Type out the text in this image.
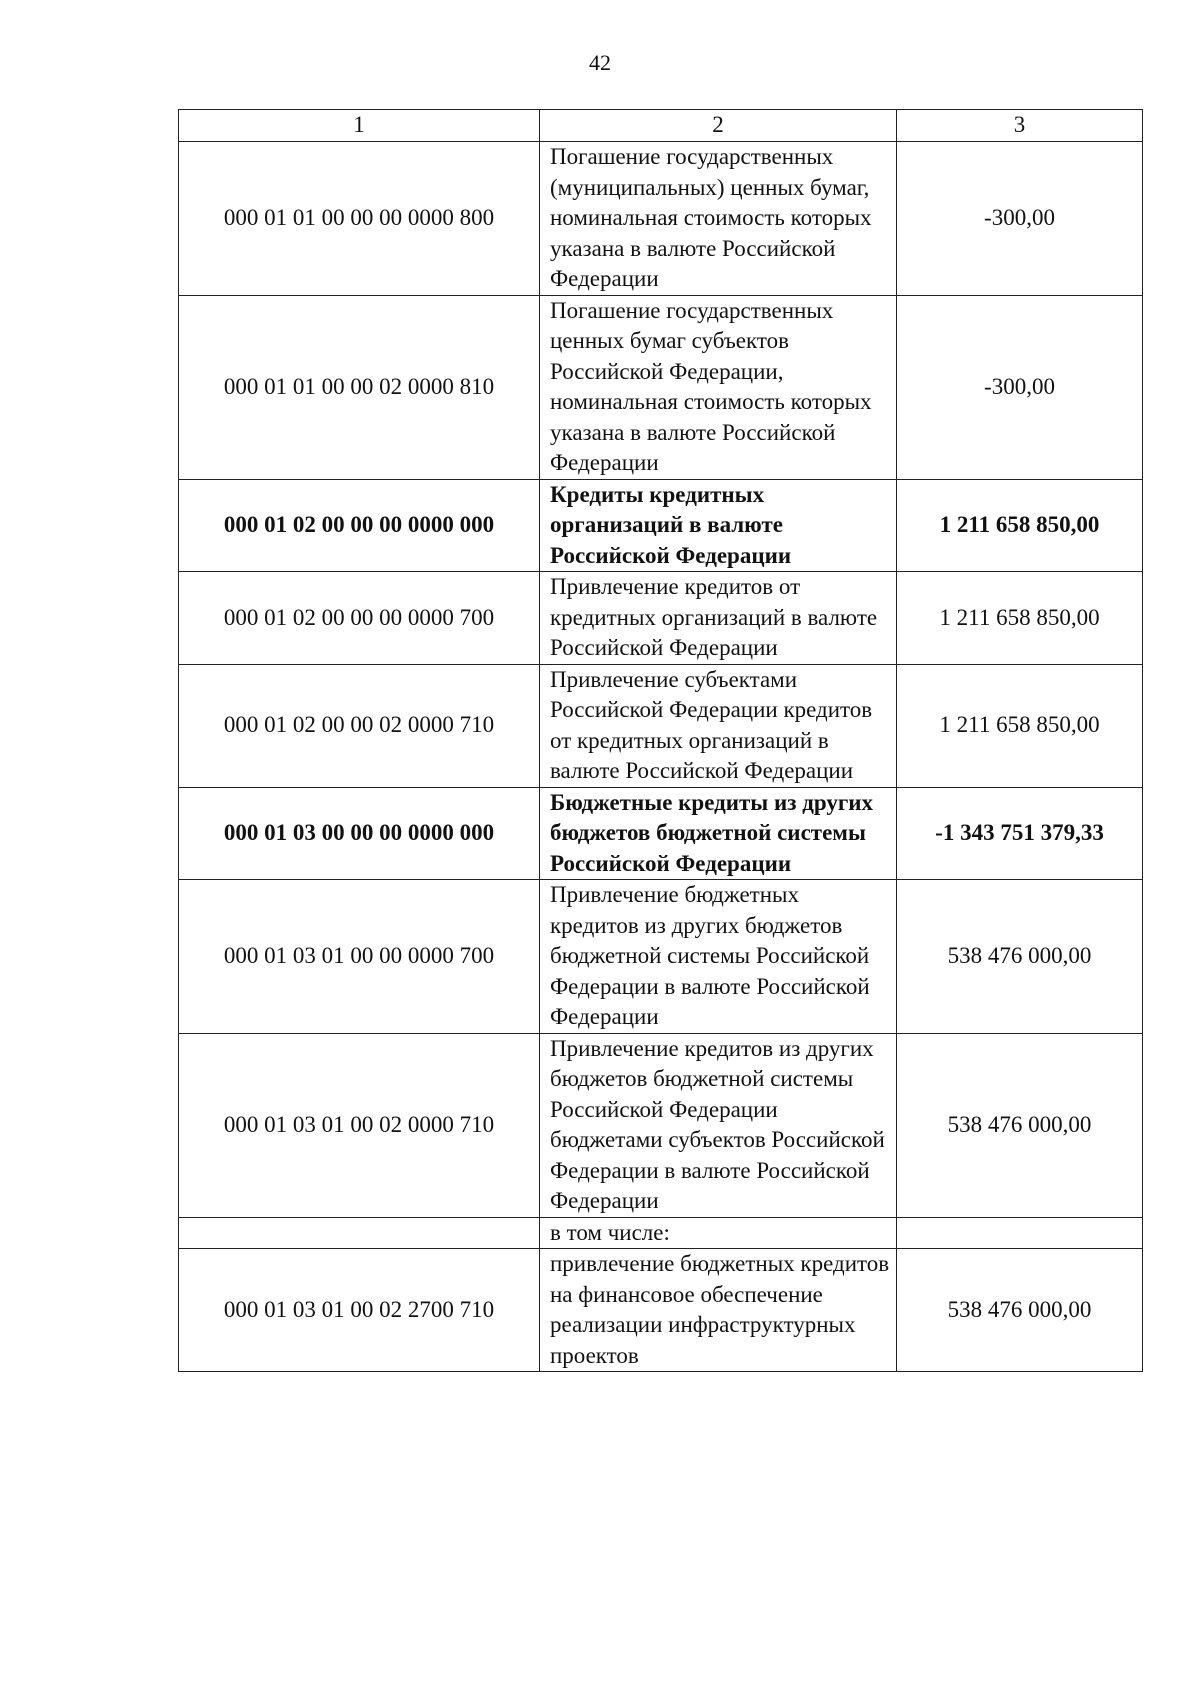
42
1	2	3
000 01 01 00 00 00 0000 800	Погашение государственных (муниципальных) ценных бумаг, номинальная стоимость которых указана в валюте Российской Федерации	-300,00
000 01 01 00 00 02 0000 810	Погашение государственных ценных бумаг субъектов Российской Федерации, номинальная стоимость которых указана в валюте Российской Федерации	-300,00
000 01 02 00 00 00 0000 000	Кредиты кредитных организаций в валюте Российской Федерации	1 211 658 850,00
000 01 02 00 00 00 0000 700	Привлечение кредитов от кредитных организаций в валюте Российской Федерации	1 211 658 850,00
000 01 02 00 00 02 0000 710	Привлечение субъектами Российской Федерации кредитов от кредитных организаций в валюте Российской Федерации	1 211 658 850,00
000 01 03 00 00 00 0000 000	Бюджетные кредиты из других бюджетов бюджетной системы Российской Федерации	-1 343 751 379,33
000 01 03 01 00 00 0000 700	Привлечение бюджетных кредитов из других бюджетов бюджетной системы Российской Федерации в валюте Российской Федерации	538 476 000,00
000 01 03 01 00 02 0000 710	Привлечение кредитов из других бюджетов бюджетной системы Российской Федерации бюджетами субъектов Российской Федерации в валюте Российской Федерации	538 476 000,00
	в том числе:	
000 01 03 01 00 02 2700 710	привлечение бюджетных кредитов на финансовое обеспечение реализации инфраструктурных проектов	538 476 000,00
